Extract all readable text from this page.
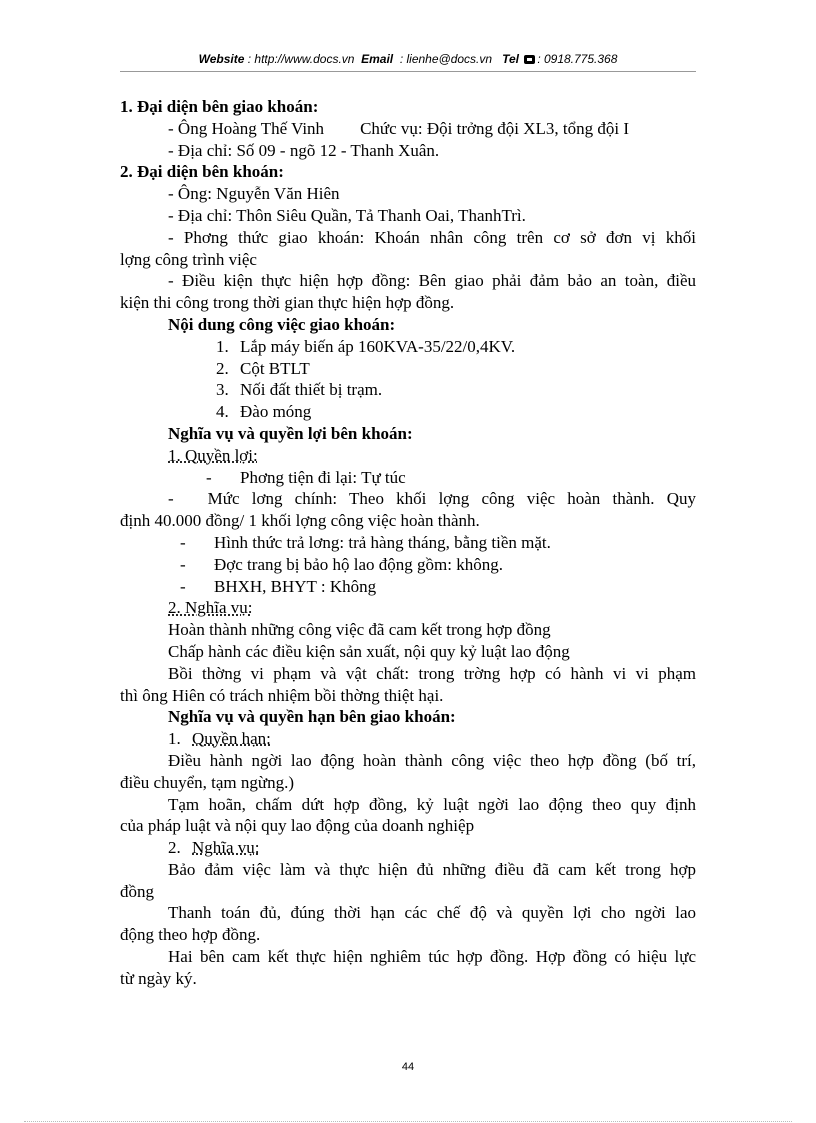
Website : http://www.docs.vn Email : lienhe@docs.vn Tel : 0918.775.368
1. Đại diện bên giao khoán:
- Ông Hoàng Thế Vinh Chức vụ: Đội trởng đội XL3, tổng đội I
- Địa chỉ: Số 09 - ngõ 12 - Thanh Xuân.
2. Đại diện bên khoán:
- Ông: Nguyễn Văn Hiên
- Địa chỉ: Thôn Siêu Quần, Tả Thanh Oai, ThanhTrì.
- Phơng thức giao khoán: Khoán nhân công trên cơ sở đơn vị khối
lợng công trình việc
- Điều kiện thực hiện hợp đồng: Bên giao phải đảm bảo an toàn, điều
kiện thi công trong thời gian thực hiện hợp đồng.
Nội dung công việc giao khoán:
1. Lắp máy biến áp 160KVA-35/22/0,4KV.
2. Cột BTLT
3. Nối đất thiết bị trạm.
4. Đào móng
Nghĩa vụ và quyền lợi bên khoán:
1. Quyền lợi:
- Phơng tiện đi lại: Tự túc
- Mức lơng chính: Theo khối lợng công việc hoàn thành. Quy
định 40.000 đồng/ 1 khối lợng công việc hoàn thành.
- Hình thức trả lơng: trả hàng tháng, bằng tiền mặt.
- Đợc trang bị bảo hộ lao động gồm: không.
- BHXH, BHYT : Không
2. Nghĩa vụ:
Hoàn thành những công việc đã cam kết trong hợp đồng
Chấp hành các điều kiện sản xuất, nội quy kỷ luật lao động
Bồi thờng vi phạm và vật chất: trong trờng hợp có hành vi vi phạm
thì ông Hiên có trách nhiệm bồi thờng thiệt hại.
Nghĩa vụ và quyền hạn bên giao khoán:
1. Quyền hạn:
Điều hành ngời lao động hoàn thành công việc theo hợp đồng (bố trí,
điều chuyển, tạm ngừng.)
Tạm hoãn, chấm dứt hợp đồng, kỷ luật ngời lao động theo quy định
của pháp luật và nội quy lao động của doanh nghiệp
2. Nghĩa vụ:
Bảo đảm việc làm và thực hiện đủ những điều đã cam kết trong hợp
đồng
Thanh toán đủ, đúng thời hạn các chế độ và quyền lợi cho ngời lao
động theo hợp đồng.
Hai bên cam kết thực hiện nghiêm túc hợp đồng. Hợp đồng có hiệu lực
từ ngày ký.
44
